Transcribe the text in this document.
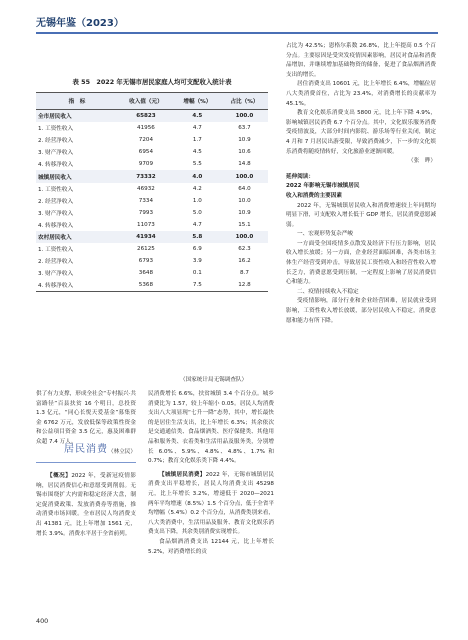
无锡年鉴（2023）
表 55　2022 年无锡市居民家庭人均可支配收入统计表
指　标	收入值（元）	增幅（%）	占比（%）
全市居民收入	65823	4.5	100.0
1. 工资性收入	41956	4.7	63.7
2. 经营净收入	7204	1.7	10.9
3. 财产净收入	6954	4.5	10.6
4. 转移净收入	9709	5.5	14.8
城镇居民收入	73332	4.0	100.0
1. 工资性收入	46932	4.2	64.0
2. 经营净收入	7334	1.0	10.0
3. 财产净收入	7993	5.0	10.9
4. 转移净收入	11073	4.7	15.1
农村居民收入	41934	5.8	100.0
1. 工资性收入	26125	6.9	62.3
2. 经营净收入	6793	3.9	16.2
3. 财产净收入	3648	0.1	8.7
4. 转移净收入	5368	7.5	12.8
（国家统计局无锡调查队）

占比为 42.5%；恩格尔系数 26.8%，比上年提高 0.5 个百分点。主要原因是受突发疫情因素影响，居民对食品和消费品增加，并继续增加基础物资的储备，促进了食品烟酒消费支出的增长。

居住消费支出 10601 元，比上年增长 6.4%，增幅位居八大类消费首位，占比为 23.4%，对消费增长的贡献率为 45.1%。

教育文化娱乐消费支出 5800 元，比上年下降 4.9%，影响城镇居民消费 6.7 个百分点。其中，文化娱乐服务消费受疫情波及，大部分时间内影院、游乐场等行业关闭，制定 4 月和 7 月居民出游受限，导致消费减少，下一步的文化娱乐消费将随疫情转好，文化旅游业逐渐回暖。

（张　晔）

延伸阅读：

2022 年影响无锡市城镇居民

收入和消费的主要因素

2022 年，无锡城镇居民收入和消费增速较上年同期均明显下滑，可支配收入增长低于 GDP 增长，居民消费意愿减弱。

一、宏观形势复杂严峻

一方面受全国疫情多点散发及经济下行压力影响，居民收入增长放缓；另一方面，企业经营面临困难，各类市场主体生产经营受到冲击，导致居民工资性收入和经营性收入增长乏力，消费意愿受到压制，一定程度上影响了居民消费信心和能力。

二、疫情持续收入不稳定

受疫情影响，部分行业和企业经营困难，居民就业受到影响，工资性收入增长放缓，部分居民收入不稳定，消费意愿和能力有所下降。

供了有力支撑，形成全社会“专村振兴·共富路径”百县扶贫 16 个明日，总投资 1.3 亿元，“同心长悦天爱基金”募集资金 6762 万元，发放低保等政策性资金和公益项目资金 3.5 亿元，惠及困难群众超 7.4 万人。

（林立民）

居民消费

【概况】2022 年，受新冠疫情影响，居民消费信心和意愿受到削弱。无锡市围绕扩大内需和稳定经济大盘，制定促消费政策、发放消费券等措施，推动消费市场回暖。全市居民人均消费支出 41381 元，比上年增加 1561 元，增长 3.9%。消费水平居于全省前列。

民消费增长 6.6%，扶贫城镇 3.4 个百分点。城乡消费比为 1.57，较上年缩小 0.05。居民人均消费支出八大项显现“七升一降”态势，其中，增长最快的是居住生活支出，比上年增长 6.3%；其余依次是交通通信类、食品烟酒类、医疗保健类、其他用品和服务类、衣着类和生活用品及服务类，分别增长 6.0%、5.9%、4.8%、4.8%、1.7% 和 0.7%；教育文化娱乐类下降 4.4%。

【城镇居民消费】2022 年，无锡市城镇居民消费支出平稳增长，居民人均消费支出 45298 元，比上年增长 3.2%，增速低于 2020—2021 两年平均增速（8.5%）1.5 个百分点，低于全省平均增幅（5.4%）0.2 个百分点，从消费类别来看，八大类消费中，生活用品及服务、教育文化娱乐消费支出下降，其余类别消费实现增长。

食品烟酒消费支出 12144 元，比上年增长 5.2%，对消费增长的贡

400
